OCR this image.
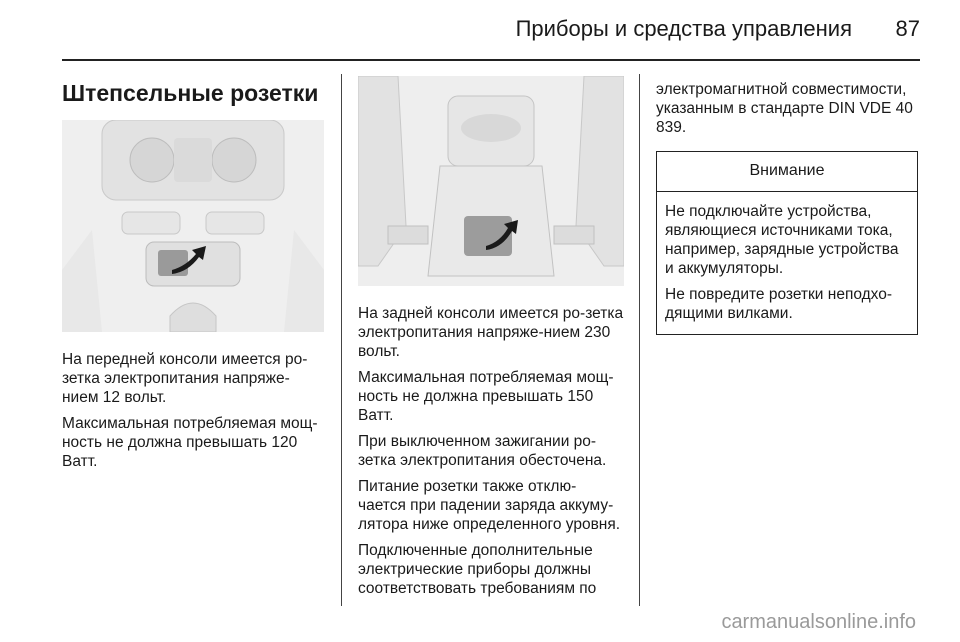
Приборы и средства управления 87
Штепсельные розетки

На передней консоли имеется ро-зетка электропитания напряже-нием 12 вольт.

Максимальная потребляемая мощ-ность не должна превышать 120 Ватт.

На задней консоли имеется ро-зетка электропитания напряже-нием 230 вольт.

Максимальная потребляемая мощ-ность не должна превышать 150 Ватт.

При выключенном зажигании ро-зетка электропитания обесточена.

Питание розетки также отклю-чается при падении заряда аккуму-лятора ниже определенного уровня.

Подключенные дополнительные электрические приборы должны соответствовать требованиям по

электромагнитной совместимости, указанным в стандарте DIN VDE 40 839.

Внимание

Не подключайте устройства, являющиеся источниками тока, например, зарядные устройства и аккумуляторы.

Не повредите розетки неподхо-дящими вилками.

carmanualsonline.info
